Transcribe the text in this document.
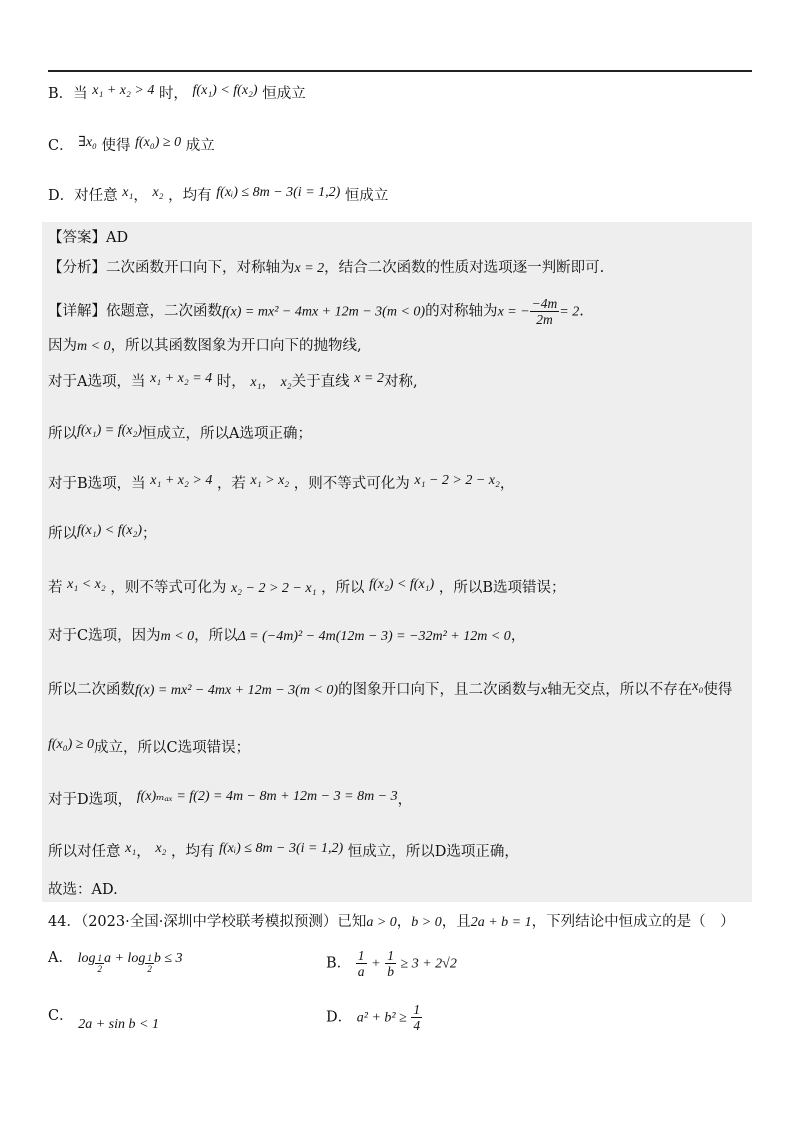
B．当 x₁ + x₂ > 4 时， f(x₁) < f(x₂) 恒成立
C． ∃x₀ 使得 f(x₀) ≥ 0 成立
D．对任意 x₁， x₂ ，均有 f(xᵢ) ≤ 8m − 3(i = 1,2) 恒成立
【答案】AD
【分析】二次函数开口向下，对称轴为x = 2，结合二次函数的性质对选项逐一判断即可.
【详解】依题意，二次函数f(x) = mx² − 4mx + 12m − 3(m < 0)的对称轴为x = − $\frac{-4m}{2m} = 2$.
因为m < 0，所以其函数图象为开口向下的抛物线,
对于A选项，当 x₁ + x₂ = 4 时， x₁， x₂关于直线 x = 2对称,
所以f(x₁) = f(x₂)恒成立，所以A选项正确；
对于B选项，当 x₁ + x₂ > 4 ，若 x₁ > x₂ ，则不等式可化为 x₁ − 2 > 2 − x₂，
所以f(x₁) < f(x₂)；
若 x₁ < x₂ ，则不等式可化为 x₂ − 2 > 2 − x₁ ，所以 f(x₂) < f(x₁) ，所以B选项错误；
对于C选项，因为m < 0，所以Δ = (−4m)² − 4m(12m − 3) = −32m² + 12m < 0，
所以二次函数f(x) = mx² − 4mx + 12m − 3(m < 0)的图象开口向下，且二次函数与x轴无交点，所以不存在x₀使得
f(x₀) ≥ 0成立，所以C选项错误；
对于D选项， f(x)ₘₐₓ = f(2) = 4m − 8m + 12m − 3 = 8m − 3，
所以对任意 x₁， x₂ ，均有 f(xᵢ) ≤ 8m − 3(i = 1,2) 恒成立，所以D选项正确，
故选：AD.
44．（2023·全国·深圳中学校联考模拟预测）已知a > 0，b > 0，且2a + b = 1，下列结论中恒成立的是（　）
A． $\log \frac{1}{2}$ $a + \log \frac{1}{2}$ b ≤ 3	B． $\frac{1}{a} + \frac{1}{b} \ge 3 + 2√2$
C． 2a + sin b < 1	D． $a^2 + b^2 \ge \frac{1}{4}$
